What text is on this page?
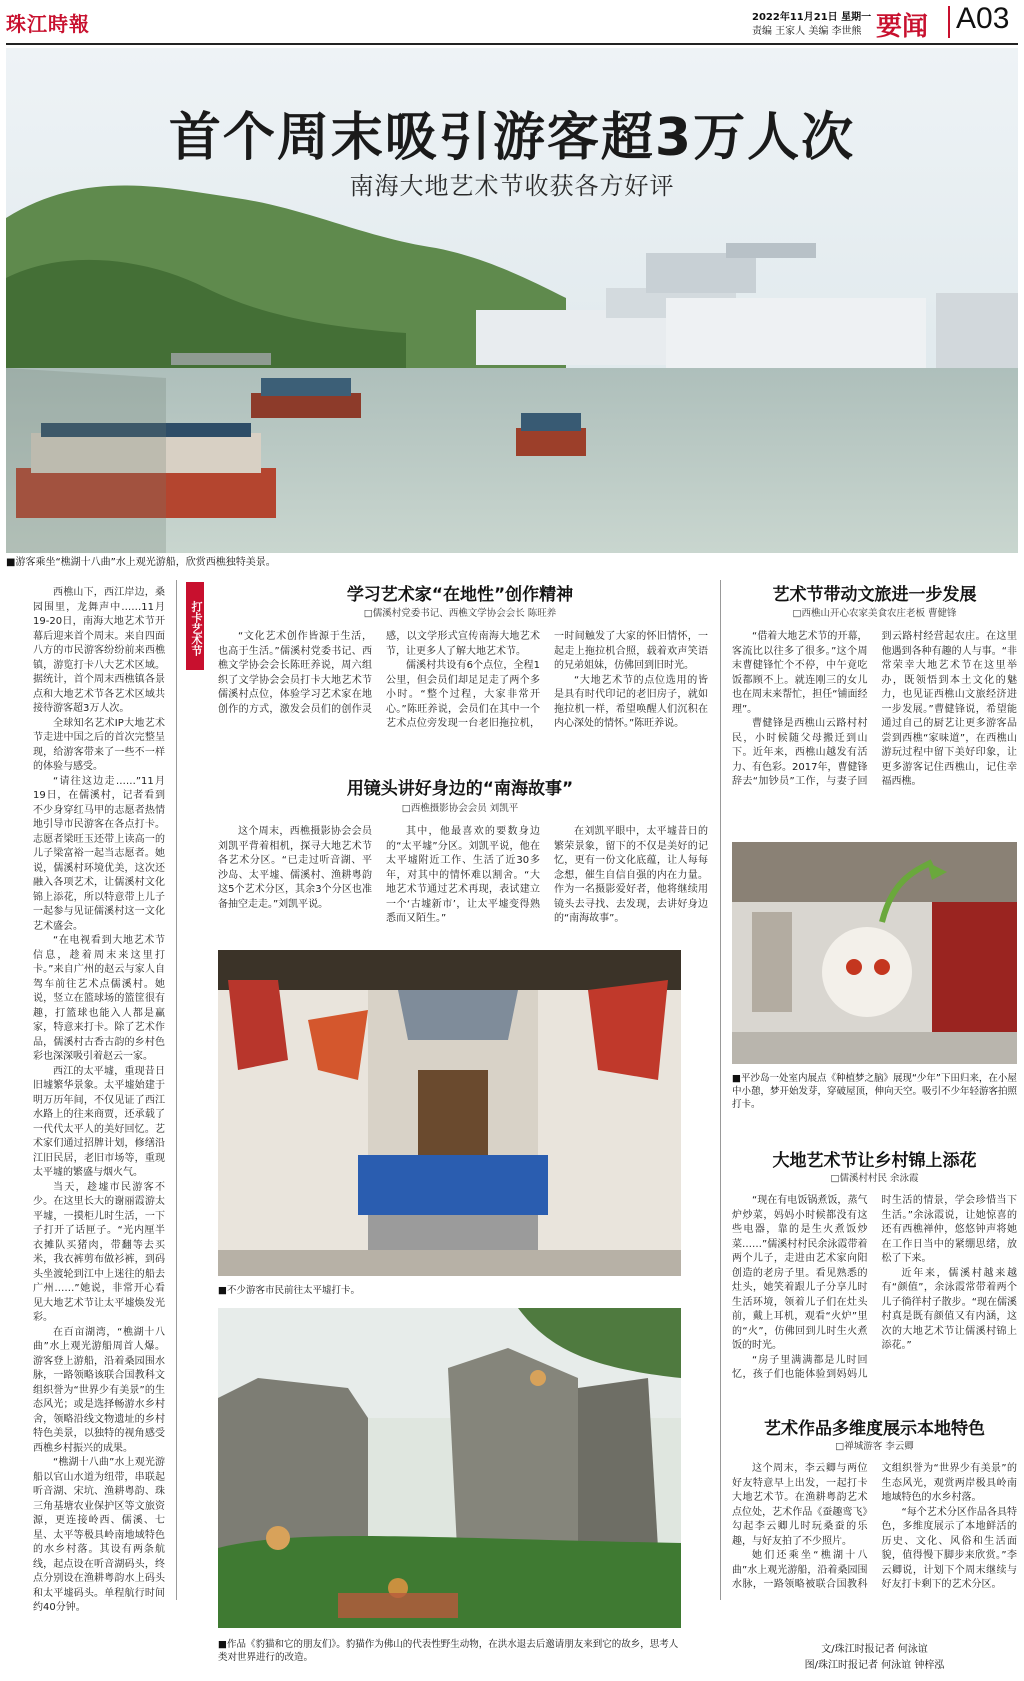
珠江時報	2022年11月21日 星期一
责编 王家人 美编 李世熊 要闻 A03
首个周末吸引游客超3万人次
南海大地艺术节收获各方好评
■游客乘坐“樵湖十八曲”水上观光游船，欣赏西樵独特美景。

西樵山下，西江岸边，桑园围里，龙舞声中……11月19-20日，南海大地艺术节开幕后迎来首个周末。来自四面八方的市民游客纷纷前来西樵镇，游览打卡八大艺术区域。据统计，首个周末西樵镇各景点和大地艺术节各艺术区域共接待游客超3万人次。

全球知名艺术IP大地艺术节走进中国之后的首次完整呈现，给游客带来了一些不一样的体验与感受。

“请往这边走……”11月19日，在儒溪村，记者看到不少身穿红马甲的志愿者热情地引导市民游客在各点打卡。志愿者梁旺玉还带上读高一的儿子梁富裕一起当志愿者。她说，儒溪村环境优美，这次还融入各项艺术，让儒溪村文化锦上添花，所以特意带上儿子一起参与见证儒溪村这一文化艺术盛会。

“在电视看到大地艺术节信息，趁着周末来这里打卡。”来自广州的赵云与家人自驾车前往艺术点儒溪村。她说，竖立在篮球场的篮筐很有趣，打篮球也能入人都是赢家，特意来打卡。除了艺术作品，儒溪村古香古韵的乡村色彩也深深吸引着赵云一家。

西江的太平墟，重现昔日旧墟繁华景象。太平墟始建于明万历年间，不仅见证了西江水路上的往来商贾，还承载了一代代太平人的美好回忆。艺术家们通过招牌计划，修缮沿江旧民居，老旧市场等，重现太平墟的繁盛与烟火气。

当天，趁墟市民游客不少。在这里长大的谢丽霞游太平墟，一摸柜儿时生活，一下子打开了话匣子。“光内厘半衣摊队买猪肉，带翻等去买米，我衣裤剪布做衫裤，到码头坐渡轮到江中上迷往的船去广州……”她说，非常开心看见大地艺术节让太平墟焕发光彩。

在百亩湖湾，“樵湖十八曲”水上观光游船周首人爆。游客登上游船，沿着桑园围水脉，一路领略该联合国教科文组织誉为“世界少有美景”的生态风光；或是选择畅游水乡村舍，领略沿线文物遗址的乡村特色美景，以独特的视角感受西樵乡村振兴的成果。

“樵湖十八曲”水上观光游船以官山水道为纽带，串联起听音湖、宋坑、渔耕粤韵、珠三角基塘农业保护区等文旅资源，更连接岭西、儒溪、七星、太平等极具岭南地域特色的水乡村落。其设有两条航线，起点设在听音湖码头，终点分别设在渔耕粤韵水上码头和太平墟码头。单程航行时间约40分钟。

打卡艺术节
学习艺术家“在地性”创作精神
□儒溪村党委书记、西樵文学协会会长 陈旺养

“文化艺术创作皆源于生活，也高于生活。”儒溪村党委书记、西樵文学协会会长陈旺养说，周六组织了文学协会会员打卡大地艺术节儒溪村点位，体验学习艺术家在地创作的方式，激发会员们的创作灵感，以文学形式宣传南海大地艺术节，让更多人了解大地艺术节。

儒溪村共设有6个点位，全程1公里，但会员们却足足走了两个多小时。“整个过程，大家非常开心。”陈旺养说，会员们在其中一个艺术点位旁发现一台老旧拖拉机，一时间触发了大家的怀旧情怀，一起走上拖拉机合照，载着欢声笑语的兄弟姐妹，仿佛回到旧时光。

“大地艺术节的点位选用的皆是具有时代印记的老旧房子，就如拖拉机一样，希望唤醒人们沉积在内心深处的情怀。”陈旺养说。

用镜头讲好身边的“南海故事”
□西樵摄影协会会员 刘凯平

这个周末，西樵摄影协会会员刘凯平背着相机，探寻大地艺术节各艺术分区。“已走过听音湖、平沙岛、太平墟、儒溪村、渔耕粤韵这5个艺术分区，其余3个分区也准备抽空走走。”刘凯平说。

其中，他最喜欢的要数身边的“太平墟”分区。刘凯平说，他在太平墟附近工作、生活了近30多年，对其中的情怀难以割舍。“大地艺术节通过艺术再现，表试建立一个‘古墟新市’，让太平墟变得熟悉而又陌生。”

在刘凯平眼中，太平墟昔日的繁荣景象，留下的不仅是美好的记忆，更有一份文化底蕴，让人每每念想，催生自信自强的内在力量。作为一名摄影爱好者，他将继续用镜头去寻找、去发现，去讲好身边的“南海故事”。

■不少游客市民前往太平墟打卡。
■作品《豹猫和它的朋友们》。豹猫作为佛山的代表性野生动物，在洪水退去后邀请朋友来到它的故乡，思考人类对世界进行的改造。
艺术节带动文旅进一步发展
□西樵山开心农家美食农庄老板 曹健锋

“借着大地艺术节的开幕，客流比以往多了很多。”这个周末曹健锋忙个不停，中午竟吃饭都顾不上。就连刚三的女儿也在周末来帮忙，担任“铺面经理”。

曹健锋是西樵山云路村村民，小时候随父母搬迁到山下。近年来，西樵山越发有活力、有色彩。2017年，曹健锋辞去“加钞员”工作，与妻子回到云路村经营起农庄。在这里他遇到各种有趣的人与事。“非常荣幸大地艺术节在这里举办，既领悟到本土文化的魅力，也见证西樵山文旅经济进一步发展。”曹健锋说，希望能通过自己的厨艺让更多游客品尝到西樵“家味道”，在西樵山游玩过程中留下美好印象，让更多游客记住西樵山，记住幸福西樵。

■平沙岛一处室内展点《种植梦之脑》展现“少年”下田归来，在小屋中小憩，梦开始发芽，穿破屋顶，伸向天空。吸引不少年轻游客拍照打卡。
大地艺术节让乡村锦上添花
□儒溪村村民 余泳霞

“现在有电饭锅煮饭，蒸气炉炒菜，妈妈小时候都没有这些电器，靠的是生火煮饭炒菜……”儒溪村村民余泳霞带着两个儿子，走进由艺术家向阳创造的老房子里。看见熟悉的灶头，她笑着跟儿子分享儿时生活环境，领着儿子们在灶头前，戴上耳机，观看“火炉”里的“火”，仿佛回到儿时生火煮饭的时光。

“房子里满满都是儿时回忆，孩子们也能体验到妈妈儿时生活的情景，学会珍惜当下生活。”余泳霞说，让她惊喜的还有西樵禅仲，悠悠钟声将她在工作日当中的紧绷思绪，放松了下来。

近年来，儒溪村越来越有“颜值”，余泳霞常带着两个儿子徜徉村子散步。“现在儒溪村真是既有颜值又有内涵，这次的大地艺术节让儒溪村锦上添花。”

艺术作品多维度展示本地特色
□禅城游客 李云卿

这个周末，李云卿与两位好友特意早上出发，一起打卡大地艺术节。在渔耕粤韵艺术点位处，艺术作品《蚕趣鸾飞》勾起李云卿儿时玩桑蚕的乐趣，与好友拍了不少照片。

她们还乘坐“樵湖十八曲”水上观光游船，沿着桑园围水脉，一路领略被联合国教科文组织誉为“世界少有美景”的生态风光，观赏两岸极具岭南地域特色的水乡村落。

“每个艺术分区作品各具特色，多维度展示了本地鲜活的历史、文化、风俗和生活面貌，值得慢下脚步来欣赏。”李云卿说，计划下个周末继续与好友打卡剩下的艺术分区。

文/珠江时报记者 何泳谊
图/珠江时报记者 何泳谊 钟梓泓
